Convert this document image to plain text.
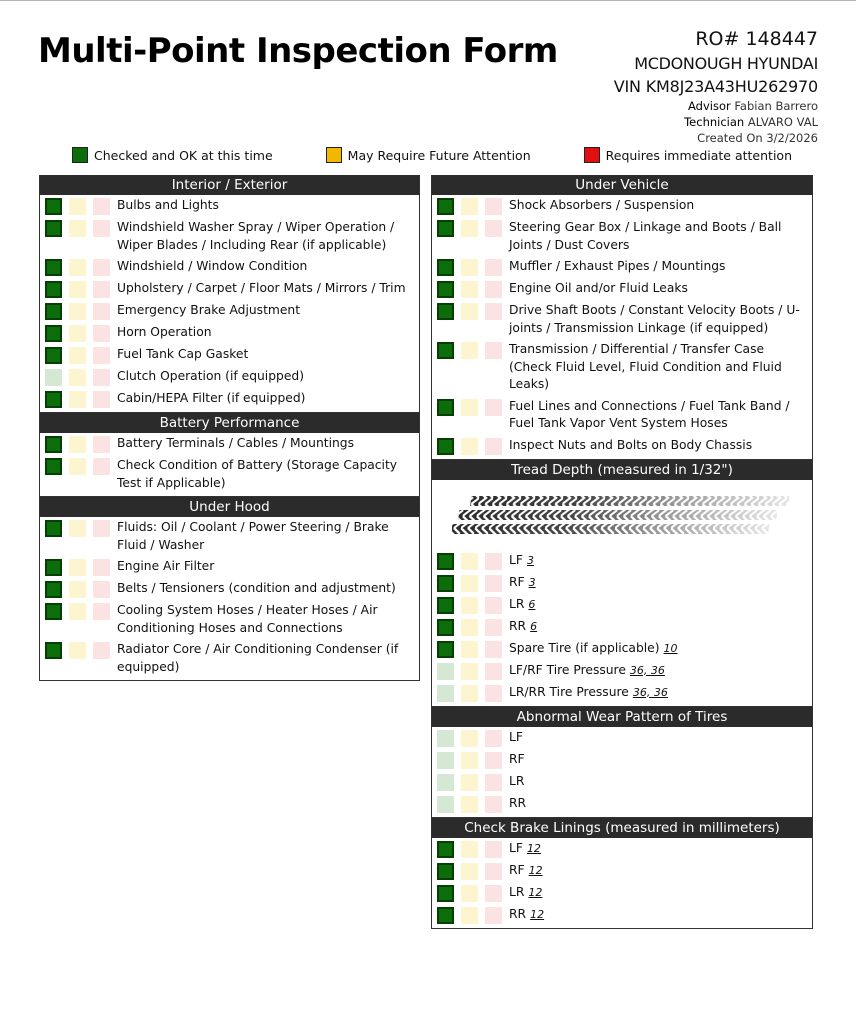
Multi-Point Inspection Form	RO# 148447
MCDONOUGH HYUNDAI
VIN KM8J23A43HU262970
Advisor Fabian Barrero
Technician ALVARO VAL
Created On 3/2/2026
Checked and OK at this time	May Require Future Attention	Requires immediate attention
Interior / Exterior
Bulbs and Lights
Windshield Washer Spray / Wiper Operation / Wiper Blades / Including Rear (if applicable)
Windshield / Window Condition
Upholstery / Carpet / Floor Mats / Mirrors / Trim
Emergency Brake Adjustment
Horn Operation
Fuel Tank Cap Gasket
Clutch Operation (if equipped)
Cabin/HEPA Filter (if equipped)
Battery Performance
Battery Terminals / Cables / Mountings
Check Condition of Battery (Storage Capacity Test if Applicable)
Under Hood
Fluids: Oil / Coolant / Power Steering / Brake Fluid / Washer
Engine Air Filter
Belts / Tensioners (condition and adjustment)
Cooling System Hoses / Heater Hoses / Air Conditioning Hoses and Connections
Radiator Core / Air Conditioning Condenser (if equipped)
Under Vehicle
Shock Absorbers / Suspension
Steering Gear Box / Linkage and Boots / Ball Joints / Dust Covers
Muffler / Exhaust Pipes / Mountings
Engine Oil and/or Fluid Leaks
Drive Shaft Boots / Constant Velocity Boots / U-joints / Transmission Linkage (if equipped)
Transmission / Differential / Transfer Case (Check Fluid Level, Fluid Condition and Fluid Leaks)
Fuel Lines and Connections / Fuel Tank Band / Fuel Tank Vapor Vent System Hoses
Inspect Nuts and Bolts on Body Chassis
Tread Depth (measured in 1/32")
LF 3
RF 3
LR 6
RR 6
Spare Tire (if applicable) 10
LF/RF Tire Pressure 36, 36
LR/RR Tire Pressure 36, 36
Abnormal Wear Pattern of Tires
LF
RF
LR
RR
Check Brake Linings (measured in millimeters)
LF 12
RF 12
LR 12
RR 12
